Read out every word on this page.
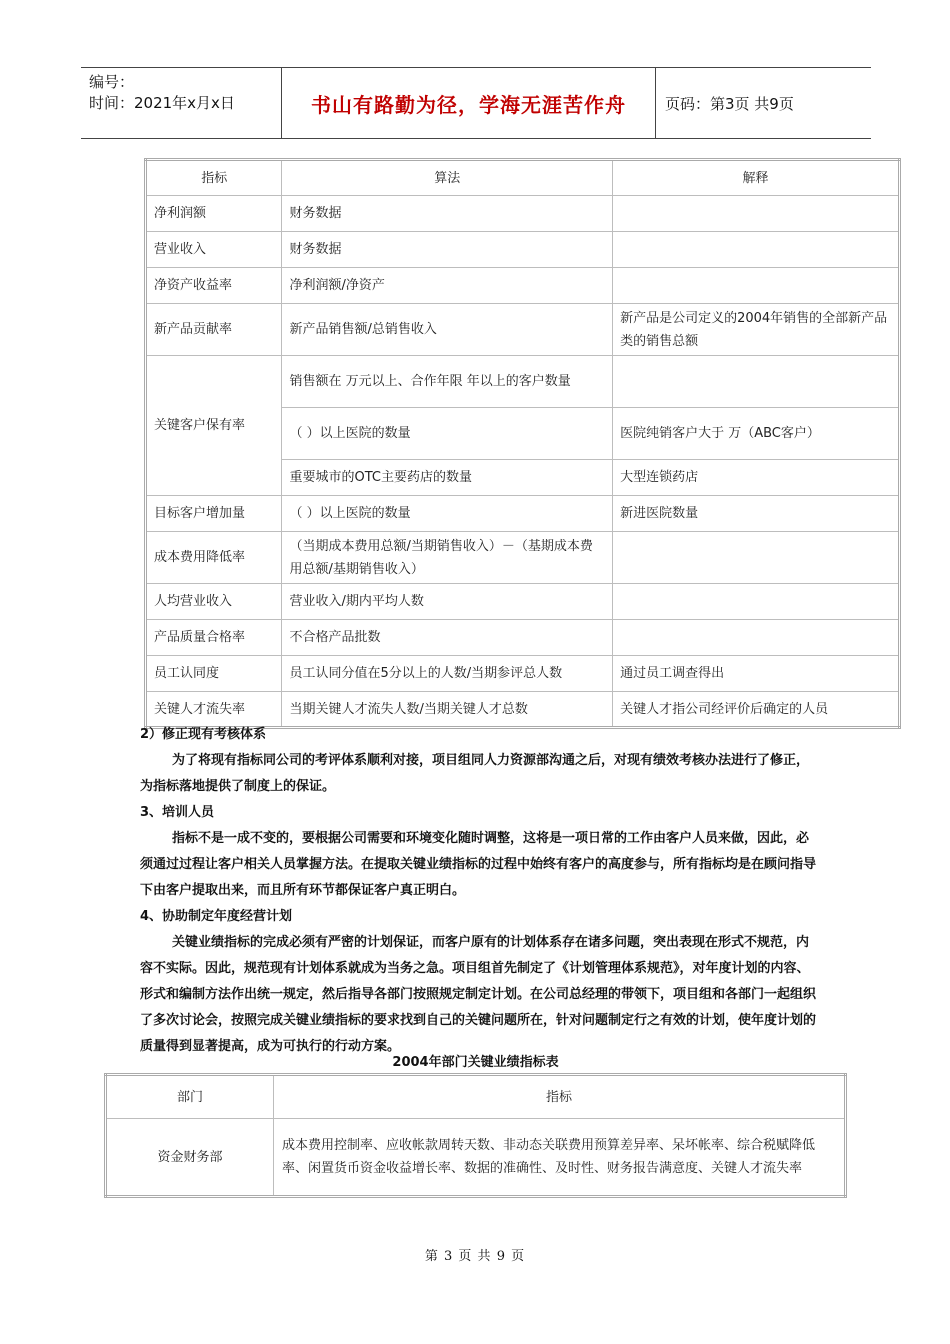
编号：
时间：2021年x月x日	书山有路勤为径，学海无涯苦作舟	页码：第3页 共9页
指标	算法	解释
净利润额	财务数据	
营业收入	财务数据	
净资产收益率	净利润额/净资产	
新产品贡献率	新产品销售额/总销售收入	新产品是公司定义的2004年销售的全部新产品类的销售总额
关键客户保有率	销售额在 万元以上、合作年限 年以上的客户数量	
	（ ）以上医院的数量	医院纯销客户大于 万（ABC客户）
	重要城市的OTC主要药店的数量	大型连锁药店
目标客户增加量	（ ）以上医院的数量	新进医院数量
成本费用降低率	（当期成本费用总额/当期销售收入）－（基期成本费用总额/基期销售收入）	
人均营业收入	营业收入/期内平均人数	
产品质量合格率	不合格产品批数	
员工认同度	员工认同分值在5分以上的人数/当期参评总人数	通过员工调查得出
关键人才流失率	当期关键人才流失人数/当期关键人才总数	关键人才指公司经评价后确定的人员

2）修正现有考核体系

为了将现有指标同公司的考评体系顺利对接，项目组同人力资源部沟通之后，对现有绩效考核办法进行了修正，为指标落地提供了制度上的保证。

3、培训人员

指标不是一成不变的，要根据公司需要和环境变化随时调整，这将是一项日常的工作由客户人员来做，因此，必须通过过程让客户相关人员掌握方法。在提取关键业绩指标的过程中始终有客户的高度参与，所有指标均是在顾问指导下由客户提取出来，而且所有环节都保证客户真正明白。

4、协助制定年度经营计划

关键业绩指标的完成必须有严密的计划保证，而客户原有的计划体系存在诸多问题，突出表现在形式不规范，内容不实际。因此，规范现有计划体系就成为当务之急。项目组首先制定了《计划管理体系规范》，对年度计划的内容、形式和编制方法作出统一规定，然后指导各部门按照规定制定计划。在公司总经理的带领下，项目组和各部门一起组织了多次讨论会，按照完成关键业绩指标的要求找到自己的关键问题所在，针对问题制定行之有效的计划，使年度计划的质量得到显著提高，成为可执行的行动方案。

2004年部门关键业绩指标表
部门	指标
资金财务部	成本费用控制率、应收帐款周转天数、非动态关联费用预算差异率、呆坏帐率、综合税赋降低率、闲置货币资金收益增长率、数据的准确性、及时性、财务报告满意度、关键人才流失率
第 3 页 共 9 页
